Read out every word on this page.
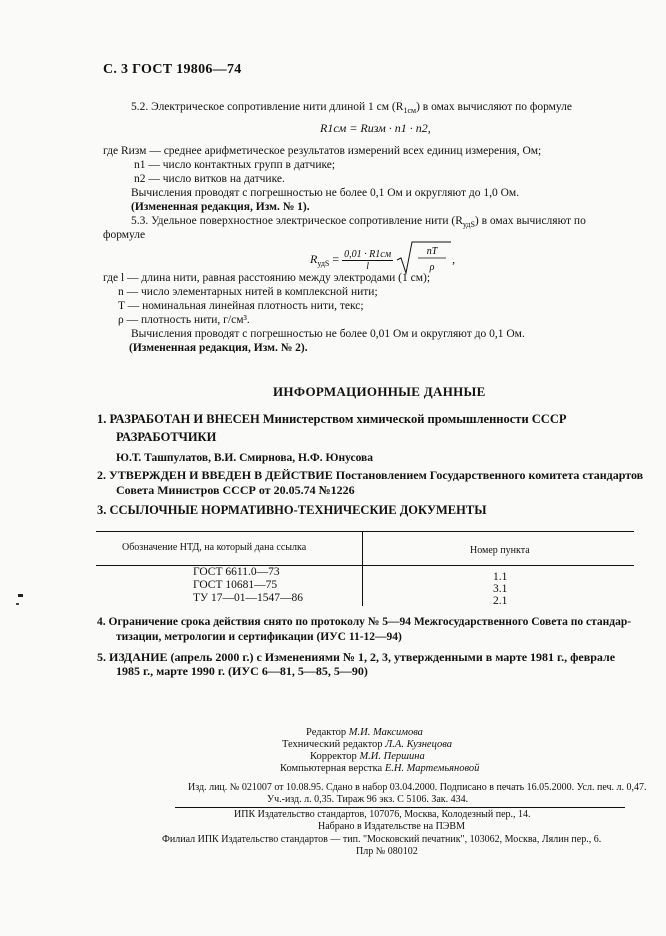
С. 3 ГОСТ 19806—74
5.2. Электрическое сопротивление нити длиной 1 см $(R_{1см})$ в омах вычисляют по формуле
R1см = Rизм · n1 · n2,
где Rизм — среднее арифметическое результатов измерений всех единиц измерения, Ом;
n1 — число контактных групп в датчике;
n2 — число витков на датчике.
Вычисления проводят с погрешностью не более 0,1 Ом и округляют до 1,0 Ом.
(Измененная редакция, Изм. № 1).
5.3. Удельное поверхностное электрическое сопротивление нити $(R_{удS})$ в омах вычисляют по
формуле
$R_{удS} = \frac{0,01 \cdot R1см}{l}$
	nT
ρ
,
где l — длина нити, равная расстоянию между электродами (1 см);
n — число элементарных нитей в комплексной нити;
T — номинальная линейная плотность нити, текс;
ρ — плотность нити, г/см³.
Вычисления проводят с погрешностью не более 0,01 Ом и округляют до 0,1 Ом.
(Измененная редакция, Изм. № 2).
ИНФОРМАЦИОННЫЕ ДАННЫЕ
1. РАЗРАБОТАН И ВНЕСЕН Министерством химической промышленности СССР
РАЗРАБОТЧИКИ
Ю.Т. Ташпулатов, В.И. Смирнова, Н.Ф. Юнусова
2. УТВЕРЖДЕН И ВВЕДЕН В ДЕЙСТВИЕ Постановлением Государственного комитета стандартов
Совета Министров СССР от 20.05.74 №1226
3. ССЫЛОЧНЫЕ НОРМАТИВНО-ТЕХНИЧЕСКИЕ ДОКУМЕНТЫ
Обозначение НТД, на который дана ссылка	Номер пункта
ГОСТ 6611.0—73
ГОСТ 10681—75
ТУ 17—01—1547—86
1.1
3.1
2.1
4. Ограничение срока действия снято по протоколу № 5—94 Межгосударственного Совета по стандар-
тизации, метрологии и сертификации (ИУС 11-12—94)
5. ИЗДАНИЕ (апрель 2000 г.) с Изменениями № 1, 2, 3, утвержденными в марте 1981 г., феврале
1985 г., марте 1990 г. (ИУС 6—81, 5—85, 5—90)
Редактор М.И. Максимова
Технический редактор Л.А. Кузнецова
Корректор М.И. Першина
Компьютерная верстка Е.Н. Мартемьяновой
Изд. лиц. № 021007 от 10.08.95. Сдано в набор 03.04.2000. Подписано в печать 16.05.2000. Усл. печ. л. 0,47.
Уч.-изд. л. 0,35. Тираж 96 экз. С 5106. Зак. 434.
ИПК Издательство стандартов, 107076, Москва, Колодезный пер., 14.
Набрано в Издательстве на ПЭВМ
Филиал ИПК Издательство стандартов — тип. "Московский печатник", 103062, Москва, Лялин пер., 6.
Плр № 080102
